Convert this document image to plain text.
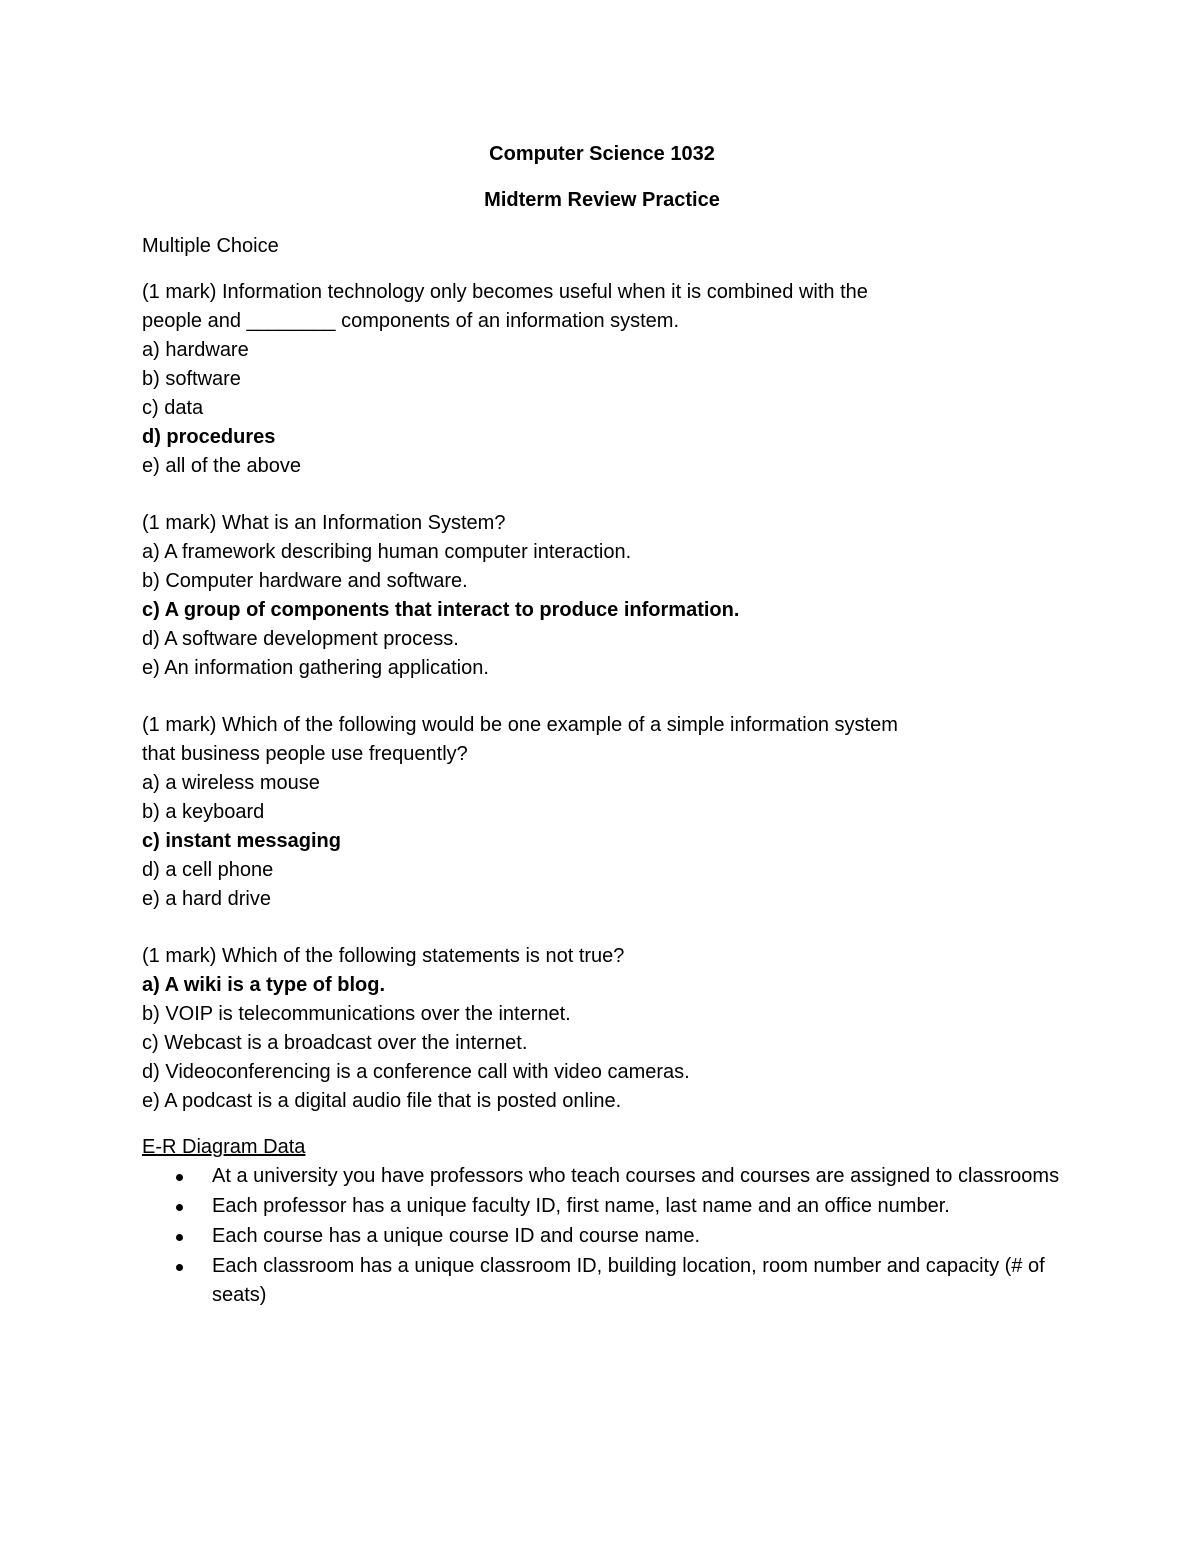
Computer Science 1032

Midterm Review Practice

Multiple Choice

(1 mark) Information technology only becomes useful when it is combined with the

people and ________ components of an information system.

a) hardware
b) software
c) data
d) procedures
e) all of the above

(1 mark) What is an Information System?

a) A framework describing human computer interaction.
b) Computer hardware and software.
c) A group of components that interact to produce information.
d) A software development process.
e) An information gathering application.

(1 mark) Which of the following would be one example of a simple information system

that business people use frequently?

a) a wireless mouse
b) a keyboard
c) instant messaging
d) a cell phone
e) a hard drive

(1 mark) Which of the following statements is not true?

a) A wiki is a type of blog.
b) VOIP is telecommunications over the internet.
c) Webcast is a broadcast over the internet.
d) Videoconferencing is a conference call with video cameras.
e) A podcast is a digital audio file that is posted online.

E-R Diagram Data

At a university you have professors who teach courses and courses are assigned to classrooms
Each professor has a unique faculty ID, first name, last name and an office number.
Each course has a unique course ID and course name.
Each classroom has a unique classroom ID, building location, room number and capacity (# of seats)
